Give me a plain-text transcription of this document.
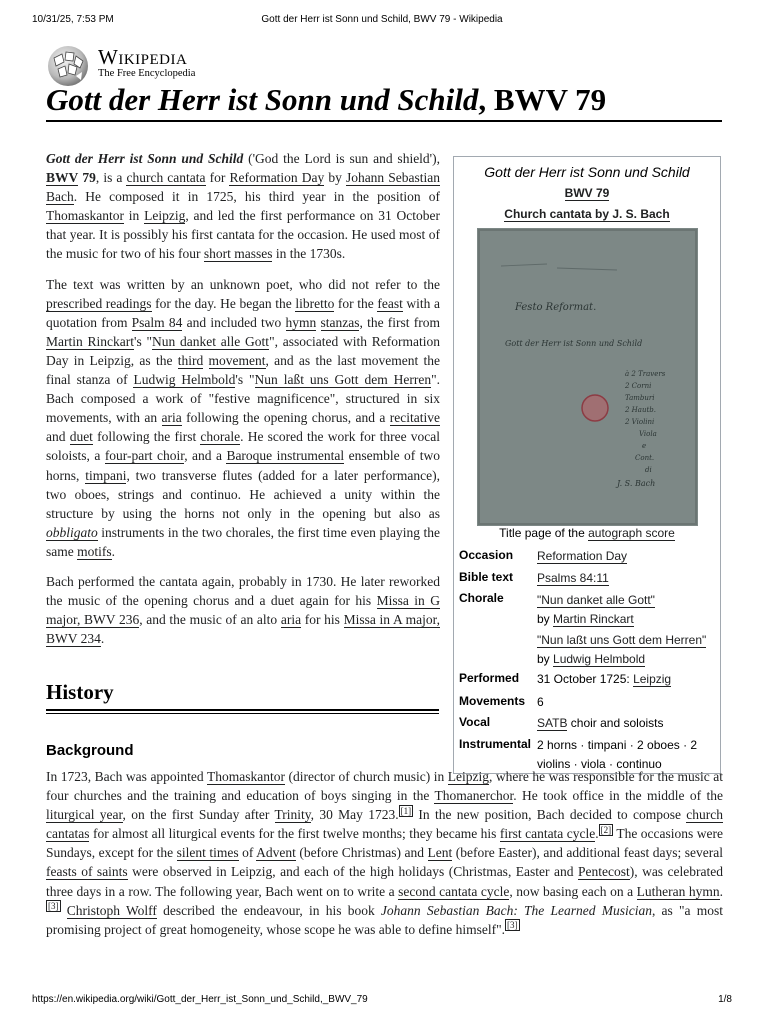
10/31/25, 7:53 PM	Gott der Herr ist Sonn und Schild, BWV 79 - Wikipedia
Wikipedia
The Free Encyclopedia
Gott der Herr ist Sonn und Schild, BWV 79

Gott der Herr ist Sonn und Schild ('God the Lord is sun and shield'), BWV 79, is a church cantata for Reformation Day by Johann Sebastian Bach. He composed it in 1725, his third year in the position of Thomaskantor in Leipzig, and led the first performance on 31 October that year. It is possibly his first cantata for the occasion. He used most of the music for two of his four short masses in the 1730s.

The text was written by an unknown poet, who did not refer to the prescribed readings for the day. He began the libretto for the feast with a quotation from Psalm 84 and included two hymn stanzas, the first from Martin Rinckart's "Nun danket alle Gott", associated with Reformation Day in Leipzig, as the third movement, and as the last movement the final stanza of Ludwig Helmbold's "Nun laßt uns Gott dem Herren". Bach composed a work of "festive magnificence", structured in six movements, with an aria following the opening chorus, and a recitative and duet following the first chorale. He scored the work for three vocal soloists, a four-part choir, and a Baroque instrumental ensemble of two horns, timpani, two transverse flutes (added for a later performance), two oboes, strings and continuo. He achieved a unity within the structure by using the horns not only in the opening but also as obbligato instruments in the two chorales, the first time even playing the same motifs.

Bach performed the cantata again, probably in 1730. He later reworked the music of the opening chorus and a duet again for his Missa in G major, BWV 236, and the music of an alto aria for his Missa in A major, BWV 234.

Gott der Herr ist Sonn und Schild
BWV 79
Church cantata by J. S. Bach
Festo Reformat.
Gott der Herr ist Sonn und Schild
à 2 Travers
2 Corni
Tamburi
2 Hautb.
2 Violini
Viola
e
Cont.
di
J. S. Bach
Title page of the autograph score
Occasion	Reformation Day
Bible text	Psalms 84:11
Chorale	"Nun danket alle Gott"
by Martin Rinckart

"Nun laßt uns Gott dem Herren"
by Ludwig Helmbold
Performed	31 October 1725: Leipzig
Movements 6
Vocal	SATB choir and soloists
Instrumental 2 horns · timpani · 2 oboes · 2
violins · viola · continuo
History
Background

In 1723, Bach was appointed Thomaskantor (director of church music) in Leipzig, where he was responsible for the music at four churches and the training and education of boys singing in the Thomanerchor. He took office in the middle of the liturgical year, on the first Sunday after Trinity, 30 May 1723. [1] In the new position, Bach decided to compose church cantatas for almost all liturgical events for the first twelve months; they became his first cantata cycle. [2] The occasions were Sundays, except for the silent times of Advent (before Christmas) and Lent (before Easter), and additional feast days; several feasts of saints were observed in Leipzig, and each of the high holidays (Christmas, Easter and Pentecost), was celebrated three days in a row. The following year, Bach went on to write a second cantata cycle, now basing each on a Lutheran hymn.[3] Christoph Wolff described the endeavour, in his book Johann Sebastian Bach: The Learned Musician, as "a most promising project of great homogeneity, whose scope he was able to define himself". [3]

https://en.wikipedia.org/wiki/Gott_der_Herr_ist_Sonn_und_Schild,_BWV_79	1/8
